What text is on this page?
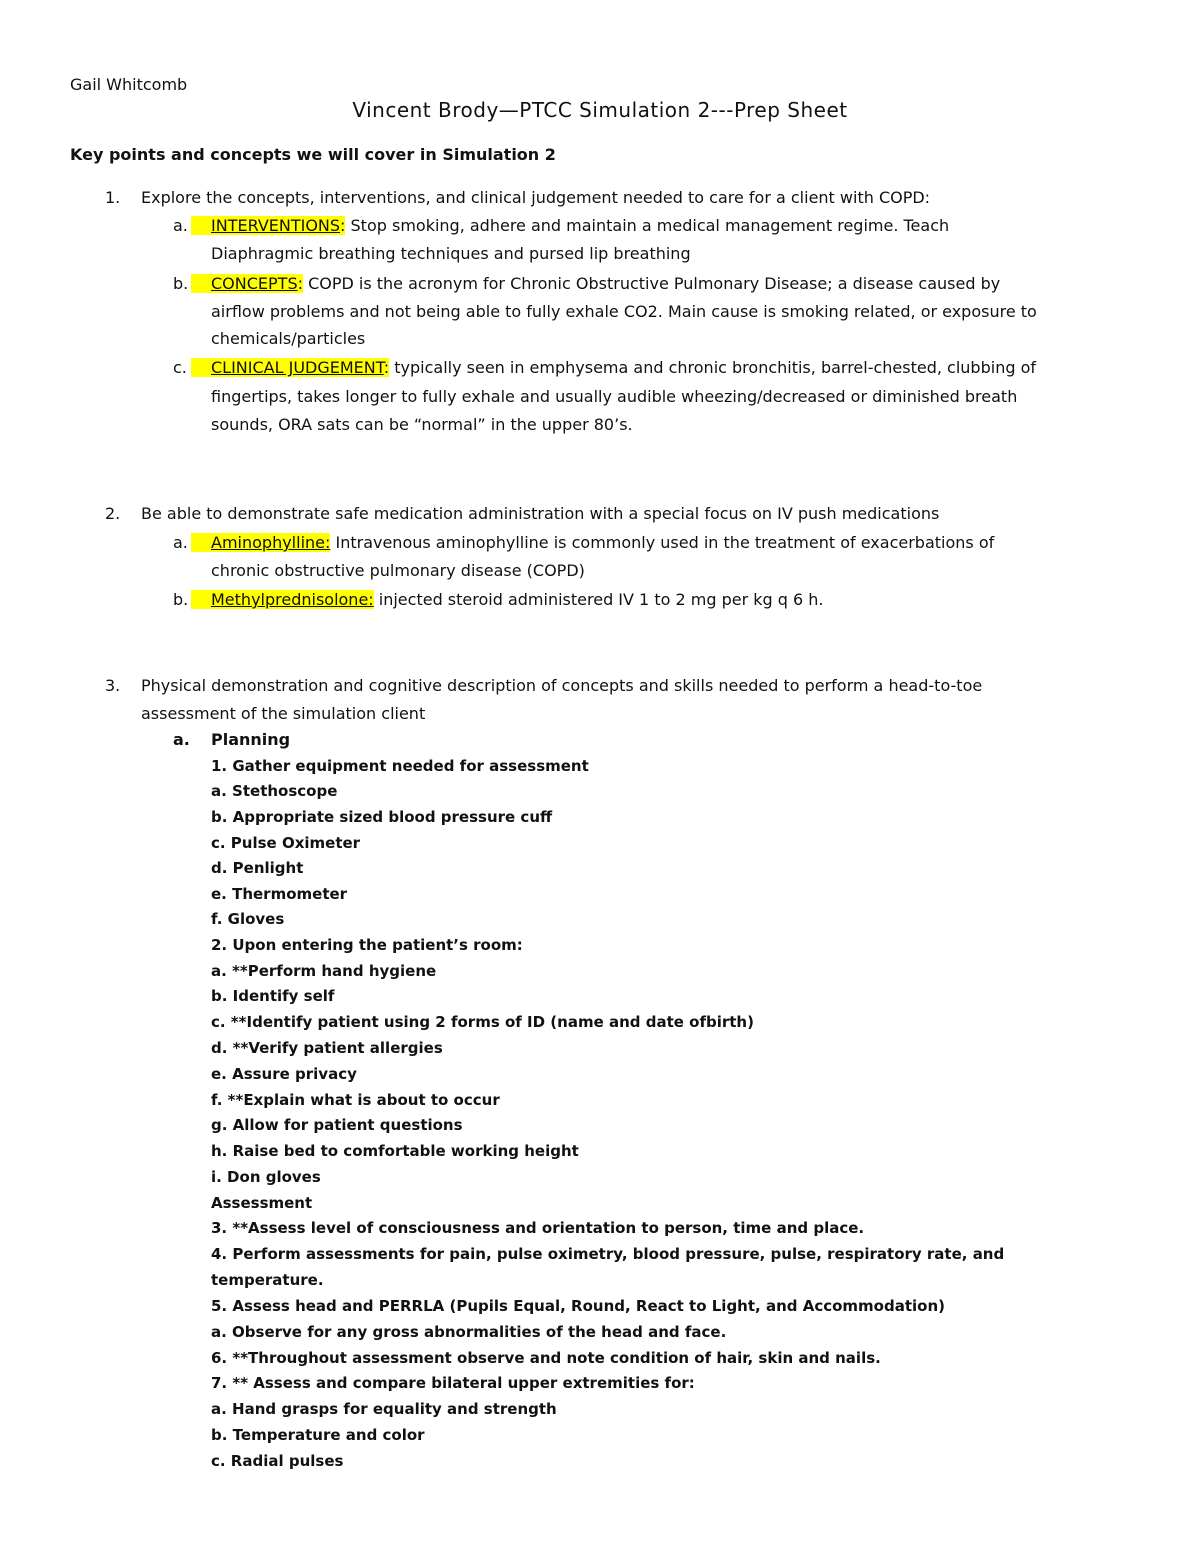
Gail Whitcomb
Vincent Brody—PTCC Simulation 2---Prep Sheet
Key points and concepts we will cover in Simulation 2
1. Explore the concepts, interventions, and clinical judgement needed to care for a client with COPD:
a.	INTERVENTIONS: Stop smoking, adhere and maintain a medical management regime. Teach
Diaphragmic breathing techniques and pursed lip breathing
b.	CONCEPTS: COPD is the acronym for Chronic Obstructive Pulmonary Disease; a disease caused by
airflow problems and not being able to fully exhale CO2. Main cause is smoking related, or exposure to
chemicals/particles
c.	CLINICAL JUDGEMENT: typically seen in emphysema and chronic bronchitis, barrel-chested, clubbing of
fingertips, takes longer to fully exhale and usually audible wheezing/decreased or diminished breath
sounds, ORA sats can be “normal” in the upper 80’s.
2. Be able to demonstrate safe medication administration with a special focus on IV push medications
a.	Aminophylline: Intravenous aminophylline is commonly used in the treatment of exacerbations of
chronic obstructive pulmonary disease (COPD)
b.	Methylprednisolone: injected steroid administered IV 1 to 2 mg per kg q 6 h.
3. Physical demonstration and cognitive description of concepts and skills needed to perform a head-to-toe
assessment of the simulation client
a. Planning
1. Gather equipment needed for assessment
a. Stethoscope
b. Appropriate sized blood pressure cuff
c. Pulse Oximeter
d. Penlight
e. Thermometer
f. Gloves
2. Upon entering the patient’s room:
a. **Perform hand hygiene
b. Identify self
c. **Identify patient using 2 forms of ID (name and date ofbirth)
d. **Verify patient allergies
e. Assure privacy
f. **Explain what is about to occur
g. Allow for patient questions
h. Raise bed to comfortable working height
i. Don gloves
Assessment
3. **Assess level of consciousness and orientation to person, time and place.
4. Perform assessments for pain, pulse oximetry, blood pressure, pulse, respiratory rate, and
temperature.
5. Assess head and PERRLA (Pupils Equal, Round, React to Light, and Accommodation)
a. Observe for any gross abnormalities of the head and face.
6. **Throughout assessment observe and note condition of hair, skin and nails.
7. ** Assess and compare bilateral upper extremities for:
a. Hand grasps for equality and strength
b. Temperature and color
c. Radial pulses
